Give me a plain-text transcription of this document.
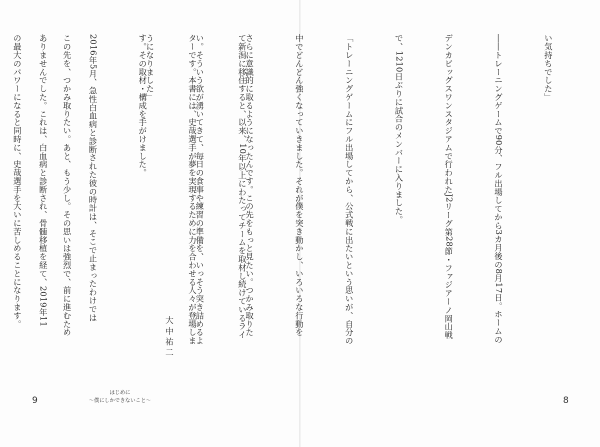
い気持ちでした」

――トレーニングゲームで90分、フル出場してから3カ月後の8月17日。ホームの

デンカビッグスワンスタジアムで行われたJ2リーグ第28節・ファジアーノ岡山戦

で、1210日ぶりに試合のメンバーに入りました。

「トレーニングゲームにフル出場してから、公式戦に出たいという思いが、自分の

中でどんどん強くなっていきました。それが僕を突き動かし、いろいろな行動を

さらに意識的に取るようになったんです。この先をもっと見たい。つかみ取りた

い。そういう欲が湧いてきて、毎日の食事や練習の準備を、いっそう突き詰めるよ

うになりました」

この先を、つかみ取りたい。あと、もう少し。その思いは強烈で、前に進むため

の最大のパワーになると同時に、史哉選手を大いに苦しめることになります。

	て新潟に移住すると、以来、10年以上にわたってチームを取材し続けているライ

ターです。本書には、史哉選手が夢を実現するために力を合わせる人々が登場しま

す。その取材・構成を手がけました。

2016年5月、急性白血病と診断された彼の時計は、そこで止まったわけでは

ありませんでした。これは、白血病と診断され、骨髄移植を経て、2019年11

大中祐二
はじめに
〜僕にしかできないこと〜
9	8
